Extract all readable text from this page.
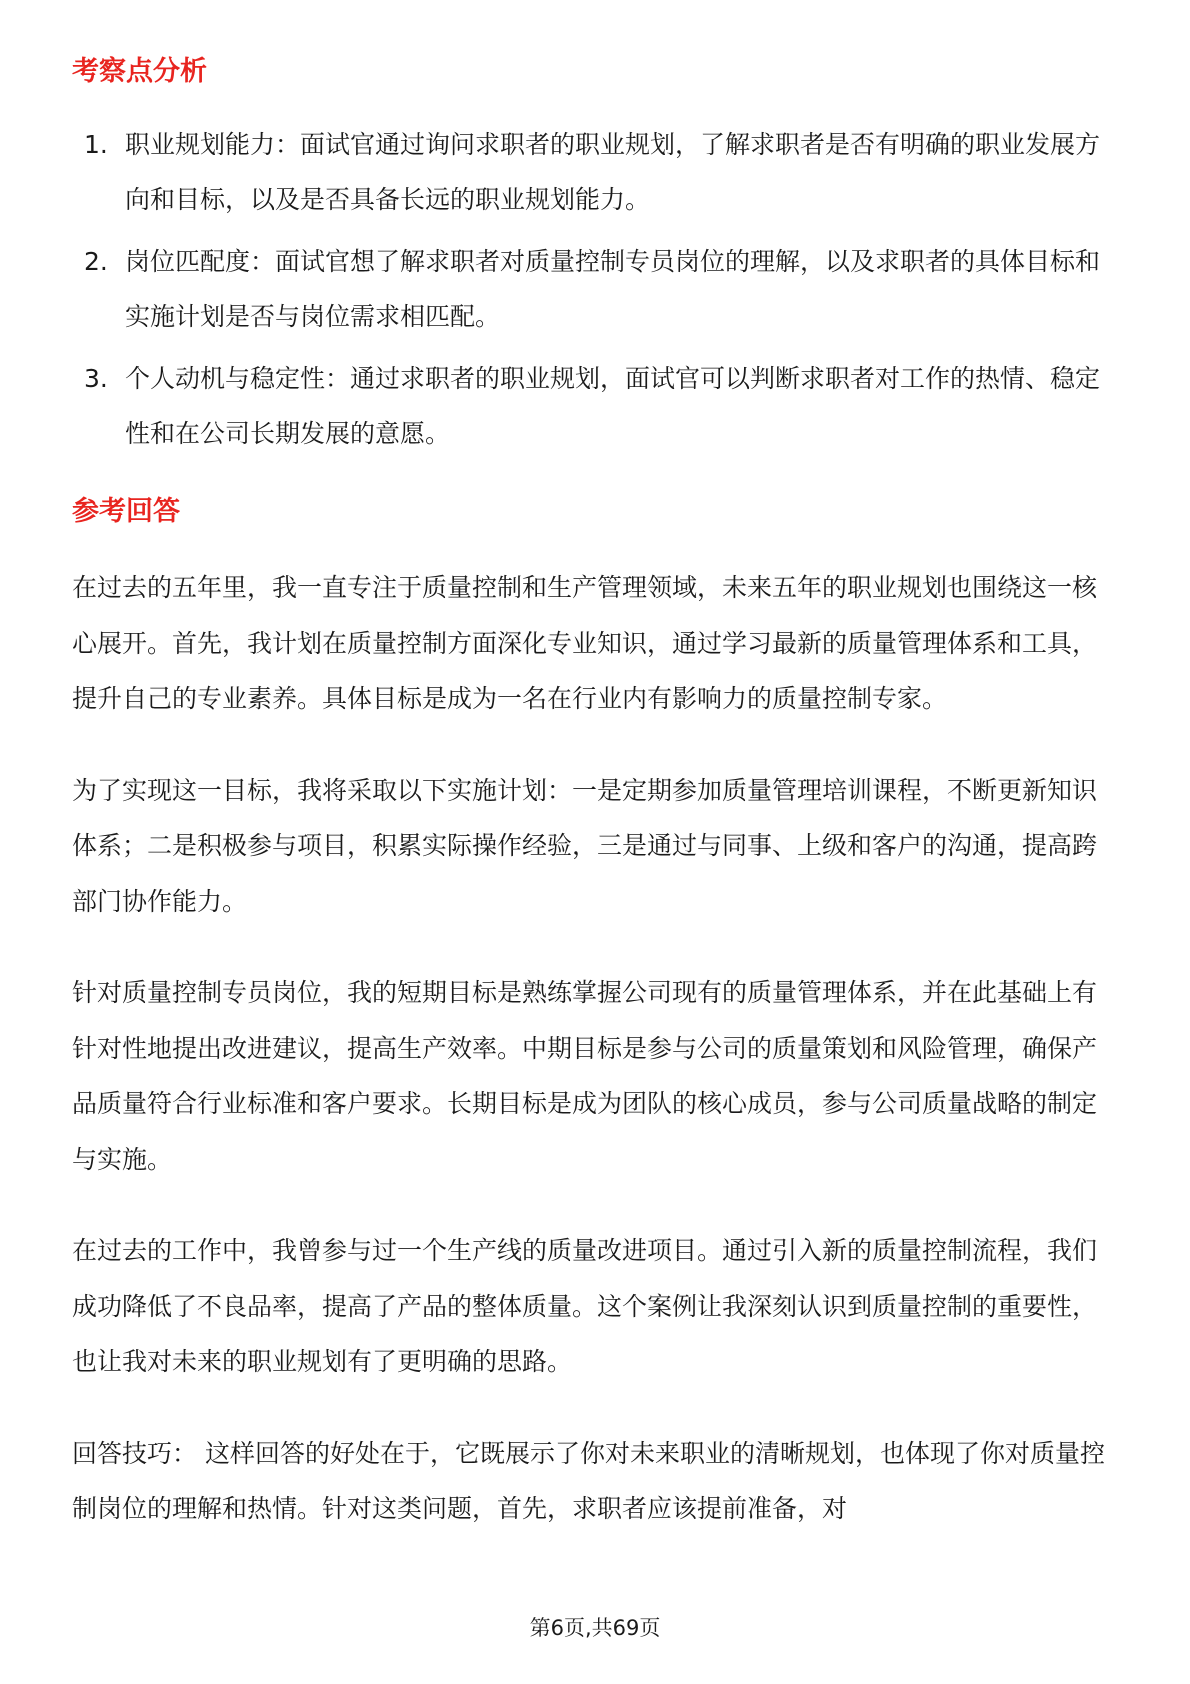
考察点分析
1. 职业规划能力：面试官通过询问求职者的职业规划，了解求职者是否有明确的职业发展方向和目标，以及是否具备长远的职业规划能力。
2. 岗位匹配度：面试官想了解求职者对质量控制专员岗位的理解，以及求职者的具体目标和实施计划是否与岗位需求相匹配。
3. 个人动机与稳定性：通过求职者的职业规划，面试官可以判断求职者对工作的热情、稳定性和在公司长期发展的意愿。
参考回答

在过去的五年里，我一直专注于质量控制和生产管理领域，未来五年的职业规划也围绕这一核心展开。首先，我计划在质量控制方面深化专业知识，通过学习最新的质量管理体系和工具，提升自己的专业素养。具体目标是成为一名在行业内有影响力的质量控制专家。

为了实现这一目标，我将采取以下实施计划：一是定期参加质量管理培训课程，不断更新知识体系；二是积极参与项目，积累实际操作经验，三是通过与同事、上级和客户的沟通，提高跨部门协作能力。

针对质量控制专员岗位，我的短期目标是熟练掌握公司现有的质量管理体系，并在此基础上有针对性地提出改进建议，提高生产效率。中期目标是参与公司的质量策划和风险管理，确保产品质量符合行业标准和客户要求。长期目标是成为团队的核心成员，参与公司质量战略的制定与实施。

在过去的工作中，我曾参与过一个生产线的质量改进项目。通过引入新的质量控制流程，我们成功降低了不良品率，提高了产品的整体质量。这个案例让我深刻认识到质量控制的重要性，也让我对未来的职业规划有了更明确的思路。

回答技巧： 这样回答的好处在于，它既展示了你对未来职业的清晰规划，也体现了你对质量控制岗位的理解和热情。针对这类问题，首先，求职者应该提前准备，对

第6页,共69页
